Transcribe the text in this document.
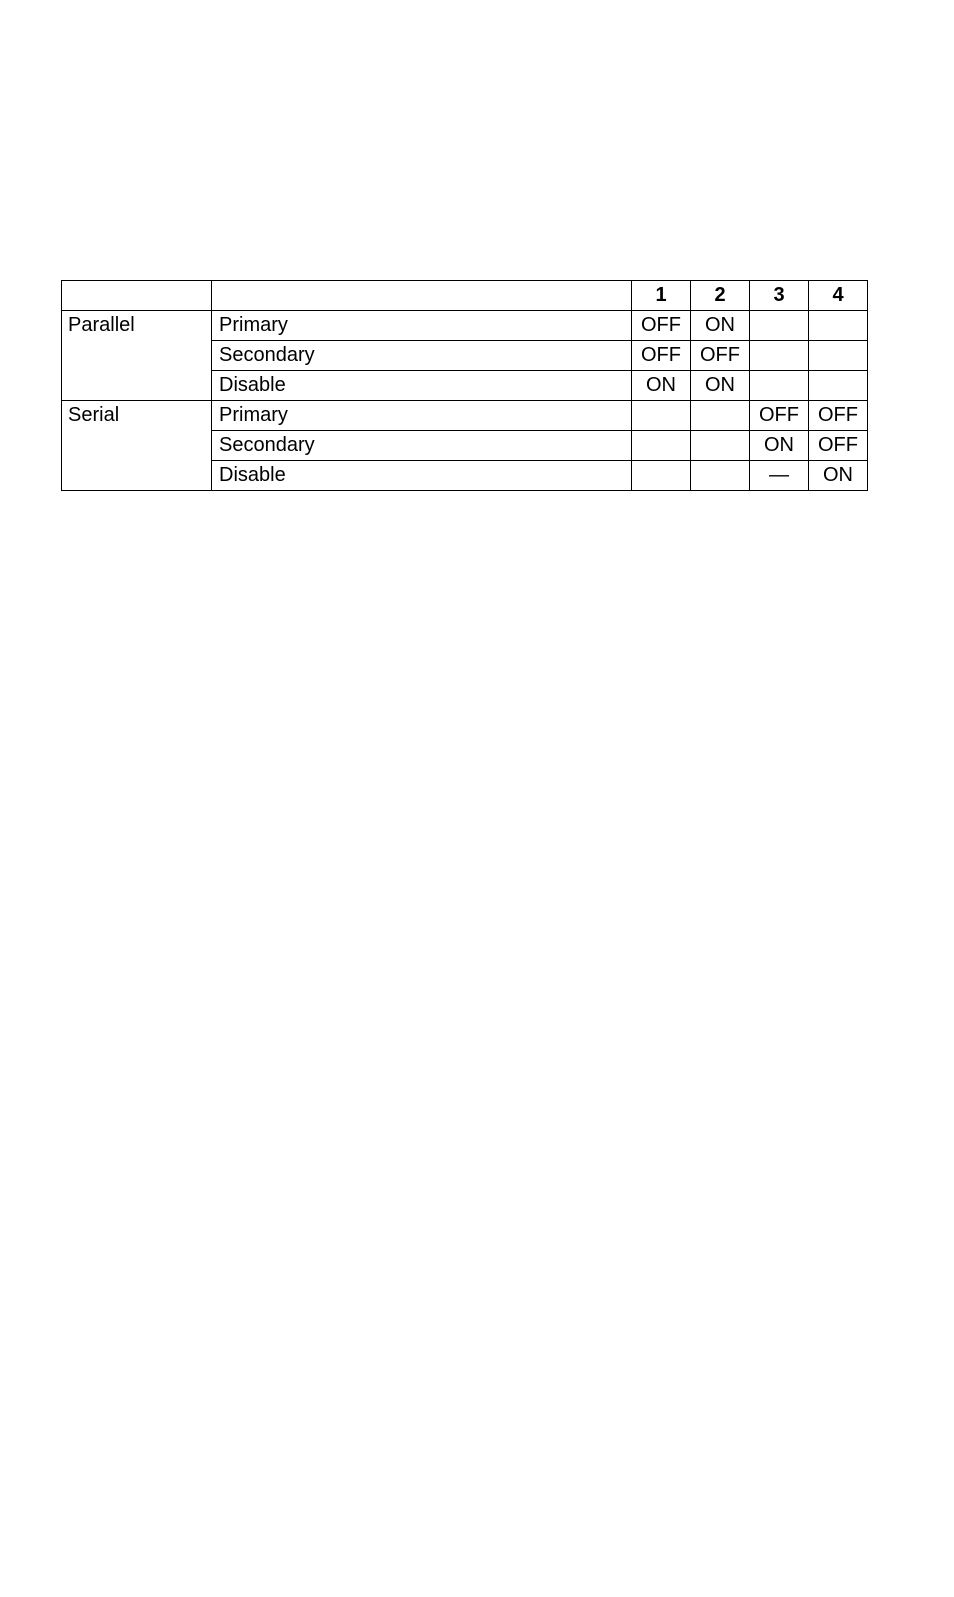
		1	2	3	4
Parallel	Primary	OFF	ON		
	Secondary	OFF	OFF		
	Disable	ON	ON		
Serial	Primary			OFF	OFF
	Secondary			ON	OFF
	Disable			—	ON
